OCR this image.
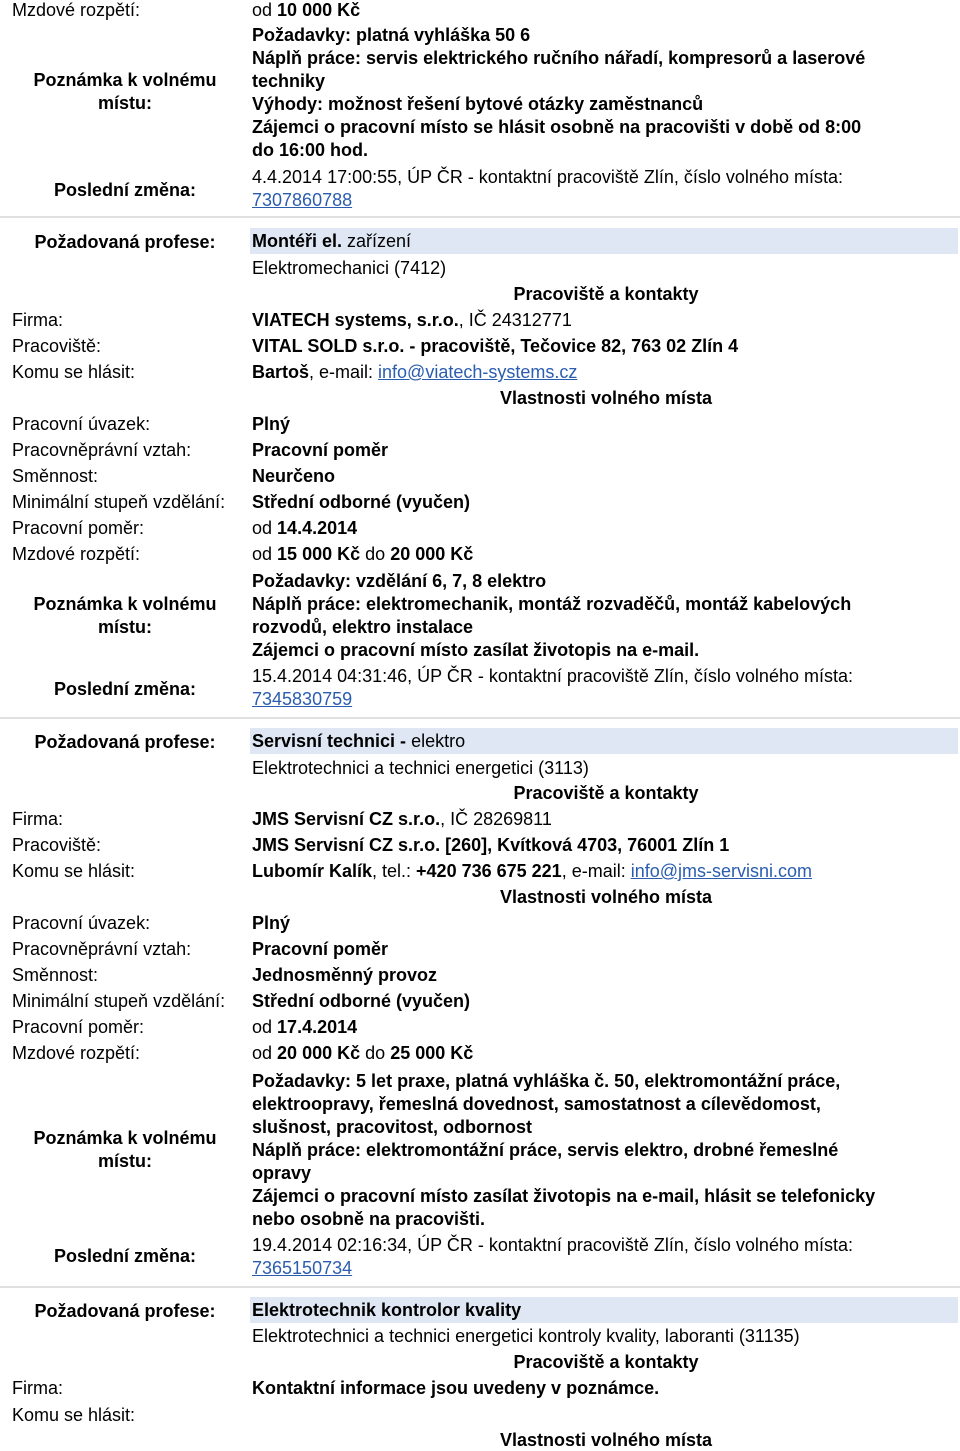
Mzdové rozpětí:	od 10 000 Kč
Poznámka k volnému
místu:
Požadavky: platná vyhláška 50 6
Náplň práce: servis elektrického ručního nářadí, kompresorů a laserové
techniky
Výhody: možnost řešení bytové otázky zaměstnanců
Zájemci o pracovní místo se hlásit osobně na pracovišti v době od 8:00
do 16:00 hod.
Poslední změna:
4.4.2014 17:00:55, ÚP ČR - kontaktní pracoviště Zlín, číslo volného místa:
7307860788
Požadovaná profese:	Montéři el. zařízení
Elektromechanici (7412)
Pracoviště a kontakty
Firma:	VIATECH systems, s.r.o., IČ 24312771
Pracoviště:	VITAL SOLD s.r.o. - pracoviště, Tečovice 82, 763 02 Zlín 4
Komu se hlásit:	Bartoš, e-mail: info@viatech-systems.cz
Vlastnosti volného místa
Pracovní úvazek:	Plný
Pracovněprávní vztah:	Pracovní poměr
Směnnost:	Neurčeno
Minimální stupeň vzdělání: Střední odborné (vyučen)
Pracovní poměr:	od 14.4.2014
Mzdové rozpětí:	od 15 000 Kč do 20 000 Kč
Poznámka k volnému
místu:
Požadavky: vzdělání 6, 7, 8 elektro
Náplň práce: elektromechanik, montáž rozvaděčů, montáž kabelových
rozvodů, elektro instalace
Zájemci o pracovní místo zasílat životopis na e-mail.
Poslední změna:
15.4.2014 04:31:46, ÚP ČR - kontaktní pracoviště Zlín, číslo volného místa:
7345830759
Požadovaná profese:	Servisní technici - elektro
Elektrotechnici a technici energetici (3113)
Pracoviště a kontakty
Firma:	JMS Servisní CZ s.r.o., IČ 28269811
Pracoviště:	JMS Servisní CZ s.r.o. [260], Kvítková 4703, 76001 Zlín 1
Komu se hlásit:	Lubomír Kalík, tel.: +420 736 675 221, e-mail: info@jms-servisni.com
Vlastnosti volného místa
Pracovní úvazek:	Plný
Pracovněprávní vztah:	Pracovní poměr
Směnnost:	Jednosměnný provoz
Minimální stupeň vzdělání: Střední odborné (vyučen)
Pracovní poměr:	od 17.4.2014
Mzdové rozpětí:	od 20 000 Kč do 25 000 Kč
Poznámka k volnému
místu:
Požadavky: 5 let praxe, platná vyhláška č. 50, elektromontážní práce,
elektroopravy, řemeslná dovednost, samostatnost a cílevědomost,
slušnost, pracovitost, odbornost
Náplň práce: elektromontážní práce, servis elektro, drobné řemeslné
opravy
Zájemci o pracovní místo zasílat životopis na e-mail, hlásit se telefonicky
nebo osobně na pracovišti.
Poslední změna:
19.4.2014 02:16:34, ÚP ČR - kontaktní pracoviště Zlín, číslo volného místa:
7365150734
Požadovaná profese:	Elektrotechnik kontrolor kvality
Elektrotechnici a technici energetici kontroly kvality, laboranti (31135)
Pracoviště a kontakty
Firma:	Kontaktní informace jsou uvedeny v poznámce.
Komu se hlásit:
Vlastnosti volného místa
